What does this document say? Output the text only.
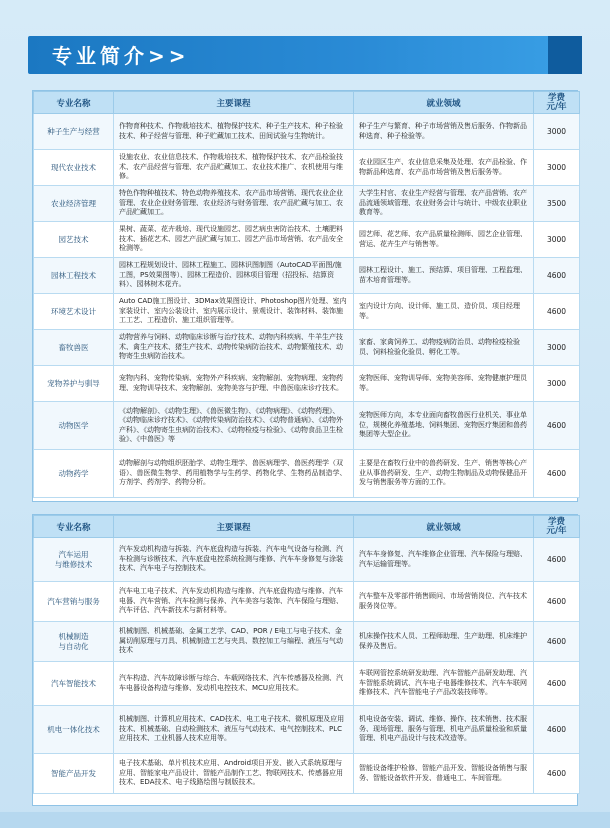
专业简介>>
专业名称	主要课程	就业领域	学费
元/年
种子生产与经营	作物育种技术、作物栽培技术、植物保护技术、种子生产技术、种子检验技术、种子经营与管理、种子贮藏加工技术、田间试验与生物统计。	种子生产与繁育、种子市场营销及售后服务、作物新品种选育、种子检验等。	3000
现代农业技术	设施农业、农业信息技术、作物栽培技术、植物保护技术、农产品检验技术、农产品经营与管理、农产品贮藏加工、农业技术推广、农机使用与维修。	农业园区生产、农业信息采集及处理、农产品检验、作物新品种选育、农产品市场营销及售后服务等。	3000
农业经济管理	特色作物种植技术、特色动物养殖技术、农产品市场营销、现代农业企业管理、农业企业财务管理、农业经济与财务管理、农产品贮藏与加工、农产品贮藏加工。	大学生村官、农业生产经营与管理、农产品营销、农产品流通领域管理、农业财务会计与统计、中级农业职业教育等。	3500
园艺技术	果树、蔬菜、花卉栽培、现代设施园艺、园艺病虫害防治技术、土壤肥料技术、插花艺术、园艺产品贮藏与加工、园艺产品市场营销、农产品安全检测等。	园艺师、花艺师、农产品质量检测师、园艺企业管理、营运、花卉生产与销售等。	3000
园林工程技术	园林工程规划设计、园林工程施工、园林识图制图（AutoCAD平面图/施工图，PS效果图等）、园林工程造价、园林项目管理（招投标、结算资料）、园林树木花卉。	园林工程设计、施工、预结算、项目管理、工程监理、苗木培育管理等。	4600
环境艺术设计	Auto CAD施工图设计、3DMax效果图设计、Photoshop图片处理、室内家装设计、室内公装设计、室内展示设计、景观设计、装饰材料、装饰施工工艺、工程造价、施工组织管理等。	室内设计方向、设计师、施工员、造价员、项目经理等。	4600
畜牧兽医	动物营养与饲料、动物临床诊断与治疗技术、动物内科疾病、牛羊生产技术、禽生产技术、猪生产技术、动物传染病防治技术、动物繁殖技术、动物寄生虫病防治技术。	家畜、家禽饲养工、动物疫病防治员、动物检疫检验员、饲料检验化验员、孵化工等。	3000
宠物养护与驯导	宠物内科、宠物传染病、宠物外产科疾病、宠物解剖、宠物病理、宠物药理、宠物训导技术、宠物解剖、宠物美容与护理、中兽医临床诊疗技术。	宠物医师、宠物训导师、宠物美容师、宠物健康护理员等。	3000
动物医学	《动物解剖》、《动物生理》、《兽医微生物》、《动物病理》、《动物药理》、《动物临床诊疗技术》、《动物传染病防治技术》、《动物普通病》、《动物外产科》、《动物寄生虫病防治技术》、《动物检疫与检验》、《动物食品卫生检验》、《中兽医》等	宠物医师方向，本专业面向畜牧兽医行业机关、事业单位，规模化养殖基地、饲料集团、宠物医疗集团和兽药集团等大型企业。	4600
动物药学	动物解剖与动物组织胚胎学、动物生理学、兽医病理学、兽医药理学（双语）、兽医微生物学、药用植物学与生药学、药物化学、生物药品制造学、方剂学、药剂学、药物分析。	主要是在畜牧行业中的兽药研发、生产、销售等核心产业从事兽药研发、生产、动物生物制品及动物保健品开发与销售服务等方面的工作。	4600
专业名称	主要课程	就业领域	学费
元/年
汽车运用
与维修技术	汽车发动机构造与拆装、汽车底盘构造与拆装、汽车电气设备与检测、汽车检测与诊断技术、汽车底盘电控系统检测与维修、汽车车身修复与涂装技术、汽车电子与控制技术。	汽车车身修复、汽车维修企业管理、汽车保险与理赔、汽车运输管理等。	4600
汽车营销与服务	汽车电工电子技术、汽车发动机构造与维修、汽车底盘构造与维修、汽车电器、汽车营销、汽车检测与保养、汽车美容与装饰、汽车保险与理赔、汽车评估、汽车新技术与新材料等。	汽车整车及零部件销售顾问、市场营销岗位、汽车技术服务岗位等。	4600
机械制造
与自动化	机械制图、机械基础、金属工艺学、CAD、POR / E电工与电子技术、金属切削原理与刀具、机械制造工艺与夹具、数控加工与编程、液压与气动技术	机床操作技术人员、工程师助理、生产助理、机床维护保养及售后。	4600
汽车智能技术	汽车构造、汽车故障诊断与综合、车载网络技术、汽车传感器及检测、汽车电器设备构造与维修、发动机电控技术、MCU应用技术。	车联网管控系统研发助理、汽车智能产品研发助理、汽车智能系统调试、汽车电子电器维修技术、汽车车联网维修技术、汽车智能电子产品改装技师等。	4600
机电一体化技术	机械制图、计算机应用技术、CAD技术、电工电子技术、微机原理及应用技术、机械基础、自动检测技术、液压与气动技术、电气控制技术、PLC应用技术、工业机器人技术应用等。	机电设备安装、调试、维修、操作、技术销售、技术服务、现场管理、服务与管理、机电产品质量检验和质量管理、机电产品设计与技术改造等。	4600
智能产品开发	电子技术基础、单片机技术应用、Android项目开发、嵌入式系统原理与应用、智能家电产品设计、智能产品制作工艺、物联网技术、传感器应用技术、EDA技术、电子线路绘图与制版技术。	智能设备维护检修、智能产品开发、智能设备销售与服务、智能设备软件开发、普通电工、车间管理。	4600
